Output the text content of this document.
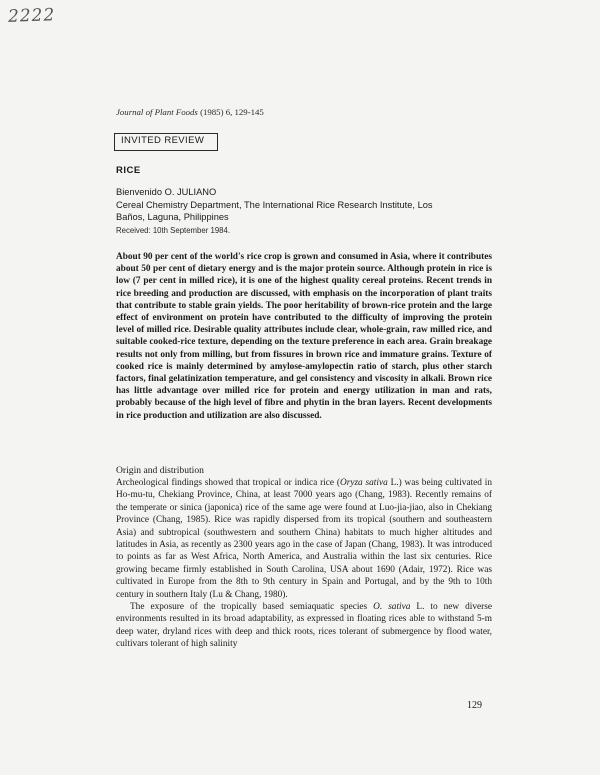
2222
Journal of Plant Foods (1985) 6, 129-145
INVITED REVIEW
RICE
Bienvenido O. JULIANO
Cereal Chemistry Department, The International Rice Research Institute, Los
Baños, Laguna, Philippines
Received: 10th September 1984.
About 90 per cent of the world's rice crop is grown and consumed in Asia, where it contributes about 50 per cent of dietary energy and is the major protein source. Although protein in rice is low (7 per cent in milled rice), it is one of the highest quality cereal proteins. Recent trends in rice breeding and production are discussed, with emphasis on the incorporation of plant traits that contribute to stable grain yields. The poor heritability of brown-rice protein and the large effect of environment on protein have contributed to the difficulty of improving the protein level of milled rice. Desirable quality attributes include clear, whole-grain, raw milled rice, and suitable cooked-rice texture, depending on the texture preference in each area. Grain breakage results not only from milling, but from fissures in brown rice and immature grains. Texture of cooked rice is mainly determined by amylose-amylopectin ratio of starch, plus other starch factors, final gelatinization temperature, and gel consistency and viscosity in alkali. Brown rice has little advantage over milled rice for protein and energy utilization in man and rats, probably because of the high level of fibre and phytin in the bran layers. Recent developments in rice production and utilization are also discussed.
Origin and distribution

Archeological findings showed that tropical or indica rice (Oryza sativa L.) was being cultivated in Ho-mu-tu, Chekiang Province, China, at least 7000 years ago (Chang, 1983). Recently remains of the temperate or sinica (japonica) rice of the same age were found at Luo-jia-jiao, also in Chekiang Province (Chang, 1985). Rice was rapidly dispersed from its tropical (southern and southeastern Asia) and subtropical (southwestern and southern China) habitats to much higher altitudes and latitudes in Asia, as recently as 2300 years ago in the case of Japan (Chang, 1983). It was introduced to points as far as West Africa, North America, and Australia within the last six centuries. Rice growing became firmly established in South Carolina, USA about 1690 (Adair, 1972). Rice was cultivated in Europe from the 8th to 9th century in Spain and Portugal, and by the 9th to 10th century in southern Italy (Lu & Chang, 1980).

The exposure of the tropically based semiaquatic species O. sativa L. to new diverse environments resulted in its broad adaptability, as expressed in floating rices able to withstand 5-m deep water, dryland rices with deep and thick roots, rices tolerant of submergence by flood water, cultivars tolerant of high salinity

129
